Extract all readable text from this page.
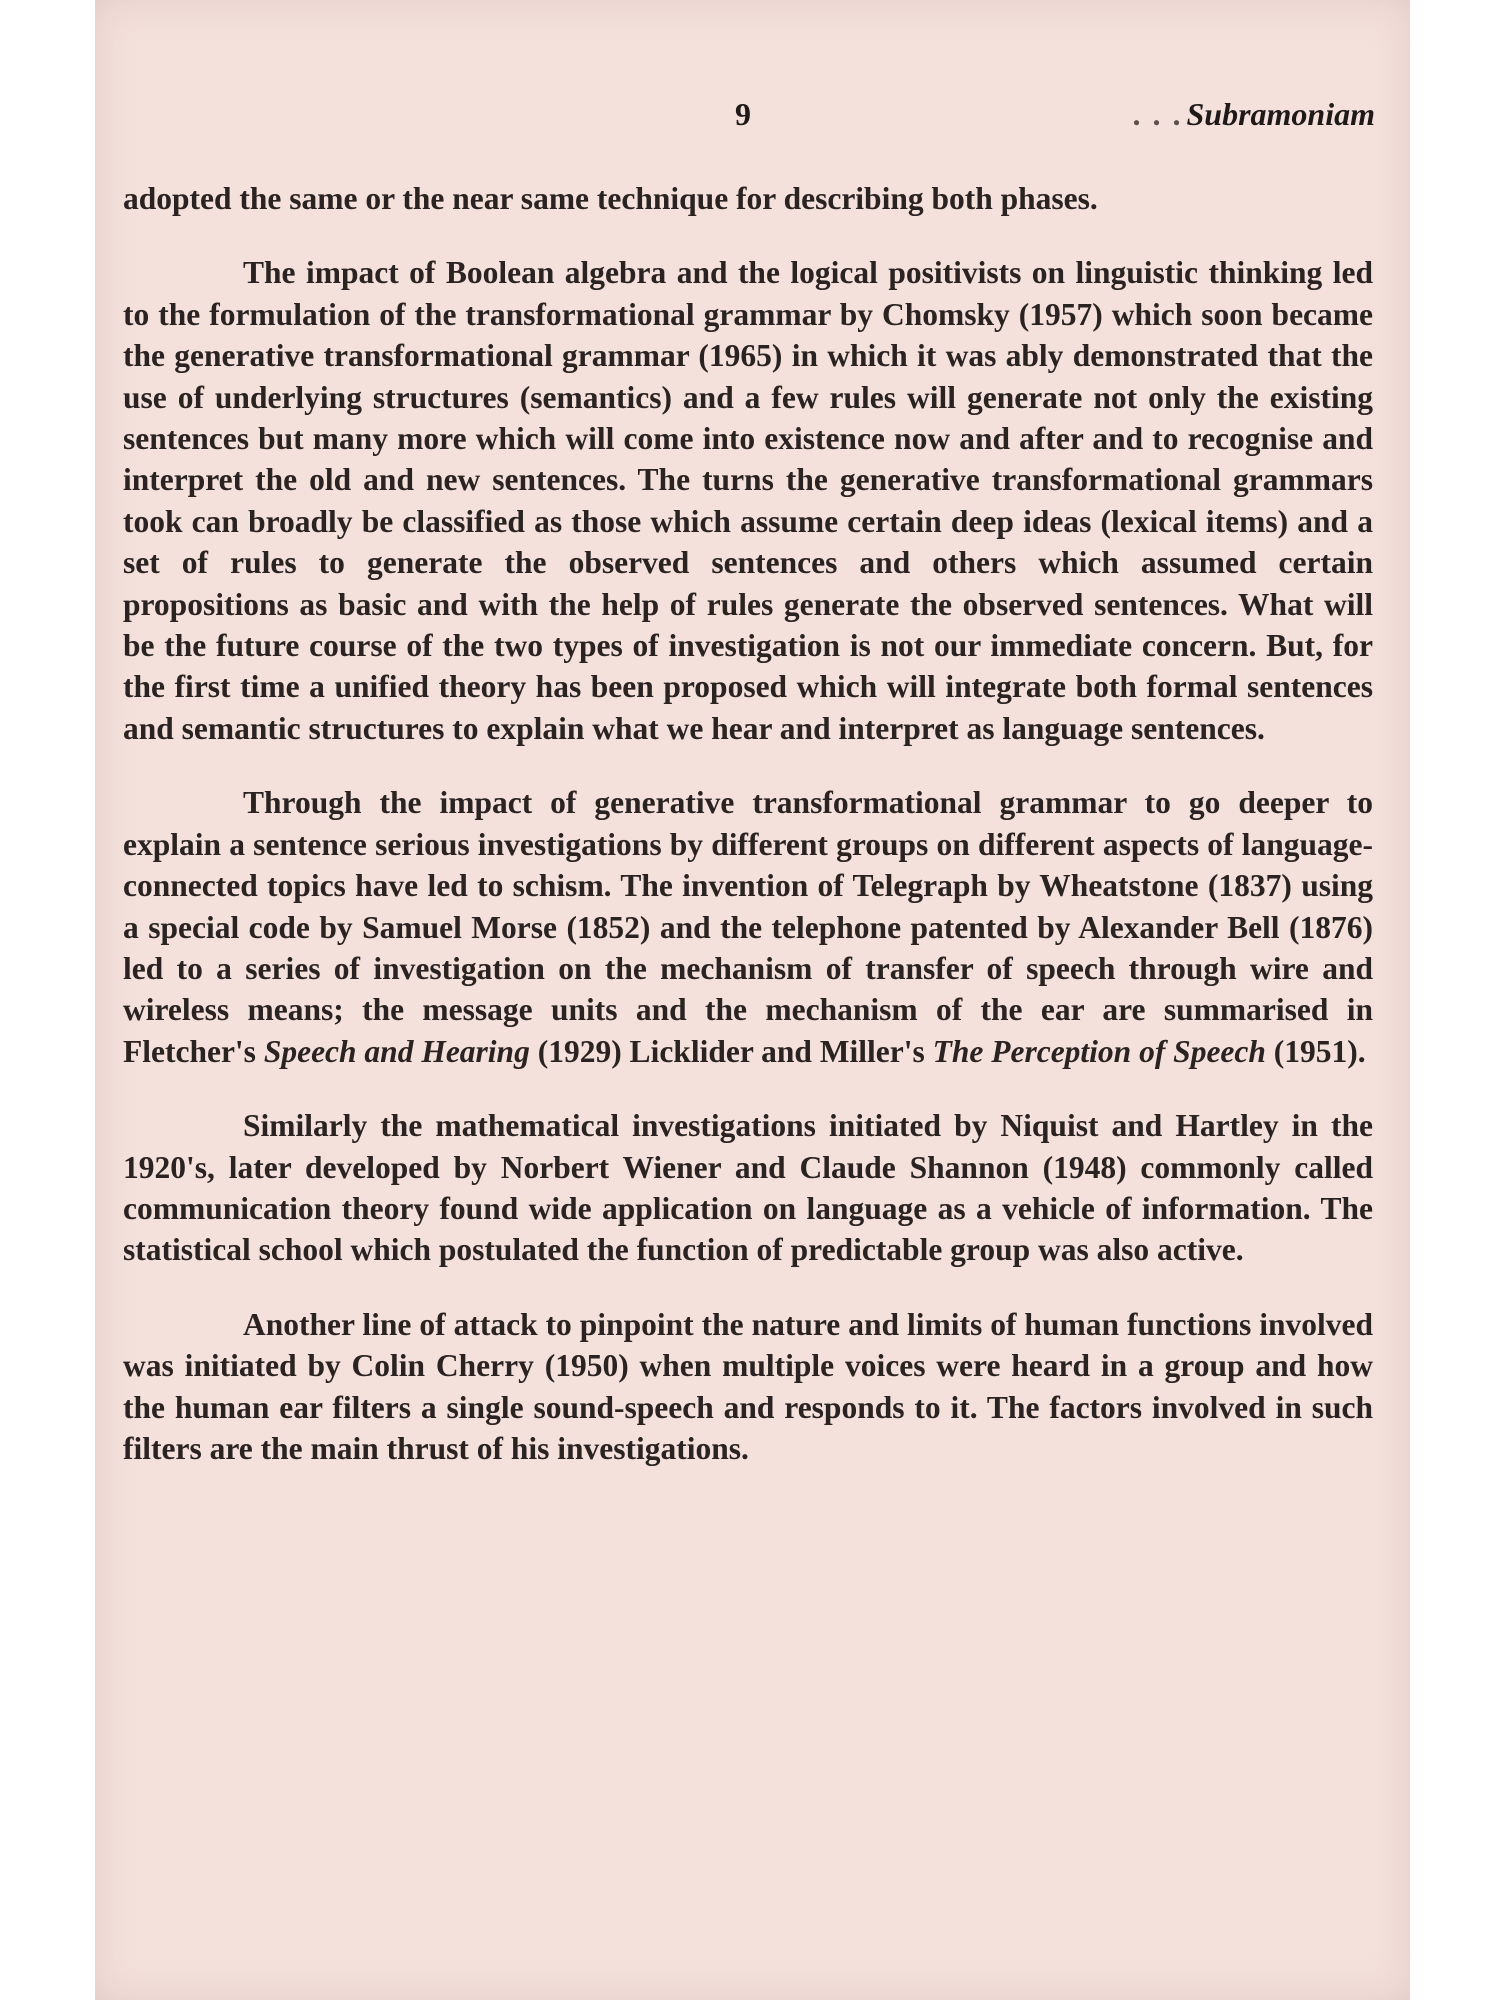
9	. . . Subramoniam

adopted the same or the near same technique for describing both phases.

The impact of Boolean algebra and the logical positivists on linguistic thinking led to the formulation of the transformational grammar by Chomsky (1957) which soon became the generative transformational grammar (1965) in which it was ably demonstrated that the use of underlying structures (semantics) and a few rules will generate not only the existing sentences but many more which will come into existence now and after and to recognise and interpret the old and new sentences. The turns the generative transformational grammars took can broadly be classified as those which assume certain deep ideas (lexical items) and a set of rules to generate the observed sentences and others which assumed certain propositions as basic and with the help of rules generate the observed sentences. What will be the future course of the two types of investigation is not our immediate concern. But, for the first time a unified theory has been proposed which will integrate both formal sentences and semantic structures to explain what we hear and interpret as language sentences.

Through the impact of generative transformational grammar to go deeper to explain a sentence serious investigations by different groups on different aspects of language-connected topics have led to schism. The invention of Telegraph by Wheatstone (1837) using a special code by Samuel Morse (1852) and the telephone patented by Alexander Bell (1876) led to a series of investigation on the mechanism of transfer of speech through wire and wireless means; the message units and the mechanism of the ear are summarised in Fletcher's Speech and Hearing (1929) Licklider and Miller's The Perception of Speech (1951).

Similarly the mathematical investigations initiated by Niquist and Hartley in the 1920's, later developed by Norbert Wiener and Claude Shannon (1948) commonly called communication theory found wide application on language as a vehicle of information. The statistical school which postulated the function of predictable group was also active.

Another line of attack to pinpoint the nature and limits of human functions involved was initiated by Colin Cherry (1950) when multiple voices were heard in a group and how the human ear filters a single sound-speech and responds to it. The factors involved in such filters are the main thrust of his investigations.
